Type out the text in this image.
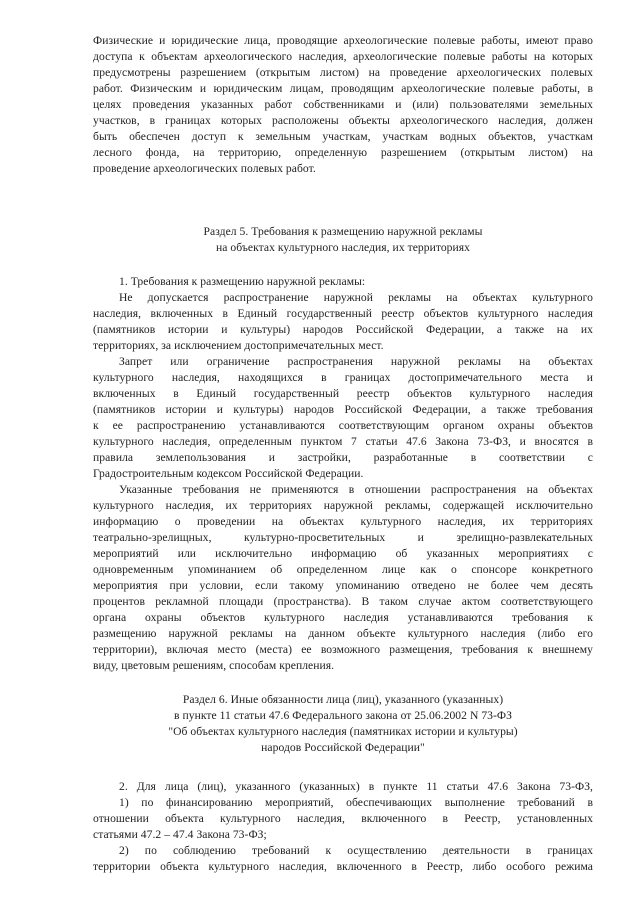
Физические и юридические лица, проводящие археологические полевые работы, имеют право
доступа к объектам археологического наследия, археологические полевые работы на которых
предусмотрены разрешением (открытым листом) на проведение археологических полевых
работ. Физическим и юридическим лицам, проводящим археологические полевые работы, в
целях проведения указанных работ собственниками и (или) пользователями земельных
участков, в границах которых расположены объекты археологического наследия, должен
быть обеспечен доступ к земельным участкам, участкам водных объектов, участкам
лесного фонда, на территорию, определенную разрешением (открытым листом) на
проведение археологических полевых работ.
Раздел 5. Требования к размещению наружной рекламы
на объектах культурного наследия, их территориях
1. Требования к размещению наружной рекламы:
Не допускается распространение наружной рекламы на объектах культурного
наследия, включенных в Единый государственный реестр объектов культурного наследия
(памятников истории и культуры) народов Российской Федерации, а также на их
территориях, за исключением достопримечательных мест.
Запрет или ограничение распространения наружной рекламы на объектах
культурного наследия, находящихся в границах достопримечательного места и
включенных в Единый государственный реестр объектов культурного наследия
(памятников истории и культуры) народов Российской Федерации, а также требования
к ее распространению устанавливаются соответствующим органом охраны объектов
культурного наследия, определенным пунктом 7 статьи 47.6 Закона 73-ФЗ, и вносятся в
правила землепользования и застройки, разработанные в соответствии с
Градостроительным кодексом Российской Федерации.
Указанные требования не применяются в отношении распространения на объектах
культурного наследия, их территориях наружной рекламы, содержащей исключительно
информацию о проведении на объектах культурного наследия, их территориях
театрально-зрелищных, культурно-просветительных и зрелищно-развлекательных
мероприятий или исключительно информацию об указанных мероприятиях с
одновременным упоминанием об определенном лице как о спонсоре конкретного
мероприятия при условии, если такому упоминанию отведено не более чем десять
процентов рекламной площади (пространства). В таком случае актом соответствующего
органа охраны объектов культурного наследия устанавливаются требования к
размещению наружной рекламы на данном объекте культурного наследия (либо его
территории), включая место (места) ее возможного размещения, требования к внешнему
виду, цветовым решениям, способам крепления.
Раздел 6. Иные обязанности лица (лиц), указанного (указанных)
в пункте 11 статьи 47.6 Федерального закона от 25.06.2002 N 73-ФЗ
"Об объектах культурного наследия (памятниках истории и культуры)
народов Российской Федерации"
2. Для лица (лиц), указанного (указанных) в пункте 11 статьи 47.6 Закона 73-ФЗ,
1) по финансированию мероприятий, обеспечивающих выполнение требований в
отношении объекта культурного наследия, включенного в Реестр, установленных
статьями 47.2 – 47.4 Закона 73-ФЗ;
2) по соблюдению требований к осуществлению деятельности в границах
территории объекта культурного наследия, включенного в Реестр, либо особого режима
